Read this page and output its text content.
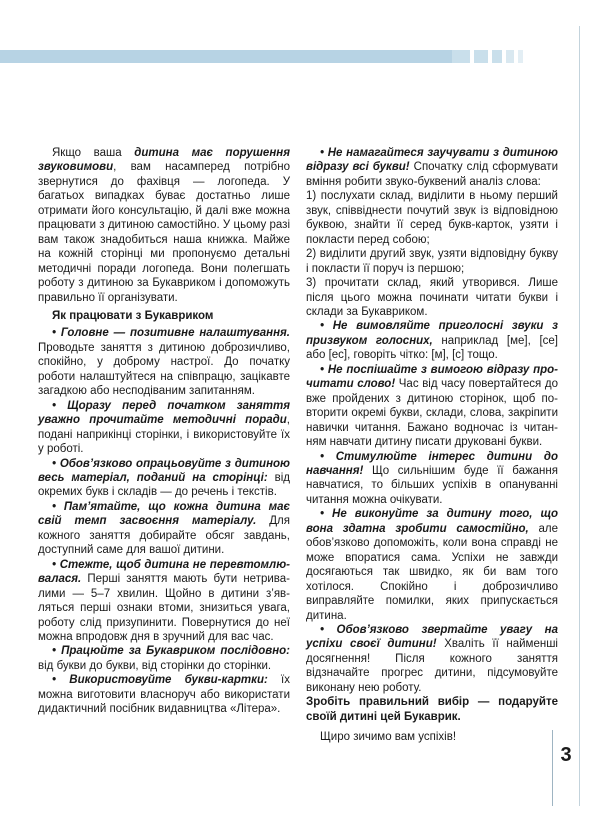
Якщо ваша дитина має порушення звуковимови, вам насамперед потрібно звернутися до фахівця — логопеда. У багатьох випадках буває достатньо лише отримати його консультацію, й далі вже можна працювати з дитиною самостійно. У цьому разі вам також знадобиться наша книжка. Майже на кожній сторінці ми пропонуємо детальні методичні поради логопеда. Вони полегшать роботу з дитиною за Букавриком і допоможуть правильно її організувати.

Як працювати з Букавриком

• Головне — позитивне налаштування. Проводьте заняття з дитиною доброзичливо, спокійно, у доброму настрої. До початку роботи налаштуйтеся на співпрацю, зацікавте загадкою або несподіваним запитанням.

• Щоразу перед початком заняття уважно прочитайте методичні поради, подані наприкінці сторінки, і використовуйте їх у роботі.

• Обов’язково опрацьовуйте з дитиною весь матеріал, поданий на сторінці: від окремих букв і складів — до речень і текстів.

• Пам’ятайте, що кожна дитина має свій темп засвоєння матеріалу. Для кожного заняття добирайте обсяг завдань, доступний саме для вашої дитини.

• Стежте, щоб дитина не перевтомлювалася. Перші заняття мають бути нетривалими — 5–7 хвилин. Щойно в дитини з’являться перші ознаки втоми, знизиться увага, роботу слід призупинити. Повернутися до неї можна впродовж дня в зручний для вас час.

• Працюйте за Букавриком послідовно: від букви до букви, від сторінки до сторінки.

• Використовуйте букви-картки: їх можна виготовити власноруч або використати дидактичний посібник видавництва «Літера».

• Не намагайтеся заучувати з дитиною відразу всі букви! Спочатку слід сформувати вміння робити звуко-буквений аналіз слова:

1) послухати склад, виділити в ньому перший звук, співвіднести почутий звук із відповідною буквою, знайти її серед букв-карток, узяти і покласти перед собою;

2) виділити другий звук, узяти відповідну букву і покласти її поруч із першою;

3) прочитати склад, який утворився. Лише після цього можна починати читати букви і склади за Букавриком.

• Не вимовляйте приголосні звуки з призвуком голосних, наприклад [ме], [се] або [ес], говоріть чітко: [м], [с] тощо.

• Не поспішайте з вимогою відразу прочитати слово! Час від часу повертайтеся до вже пройдених з дитиною сторінок, щоб повторити окремі букви, склади, слова, закріпити навички читання. Бажано водночас із читанням навчати дитину писати друковані букви.

• Стимулюйте інтерес дитини до навчання! Що сильнішим буде її бажання навчатися, то більших успіхів в опануванні читання можна очікувати.

• Не виконуйте за дитину того, що вона здатна зробити самостійно, але обов’язково допоможіть, коли вона справді не може впоратися сама. Успіхи не завжди досягаються так швидко, як би вам того хотілося. Спокійно і доброзичливо виправляйте помилки, яких припускається дитина.

• Обов’язково звертайте увагу на успіхи своєї дитини! Хваліть її найменші досягнення! Після кожного заняття відзначайте прогрес дитини, підсумовуйте виконану нею роботу.

Зробіть правильний вибір — подаруйте своїй дитині цей Букаврик.

Щиро зичимо вам успіхів!

3
